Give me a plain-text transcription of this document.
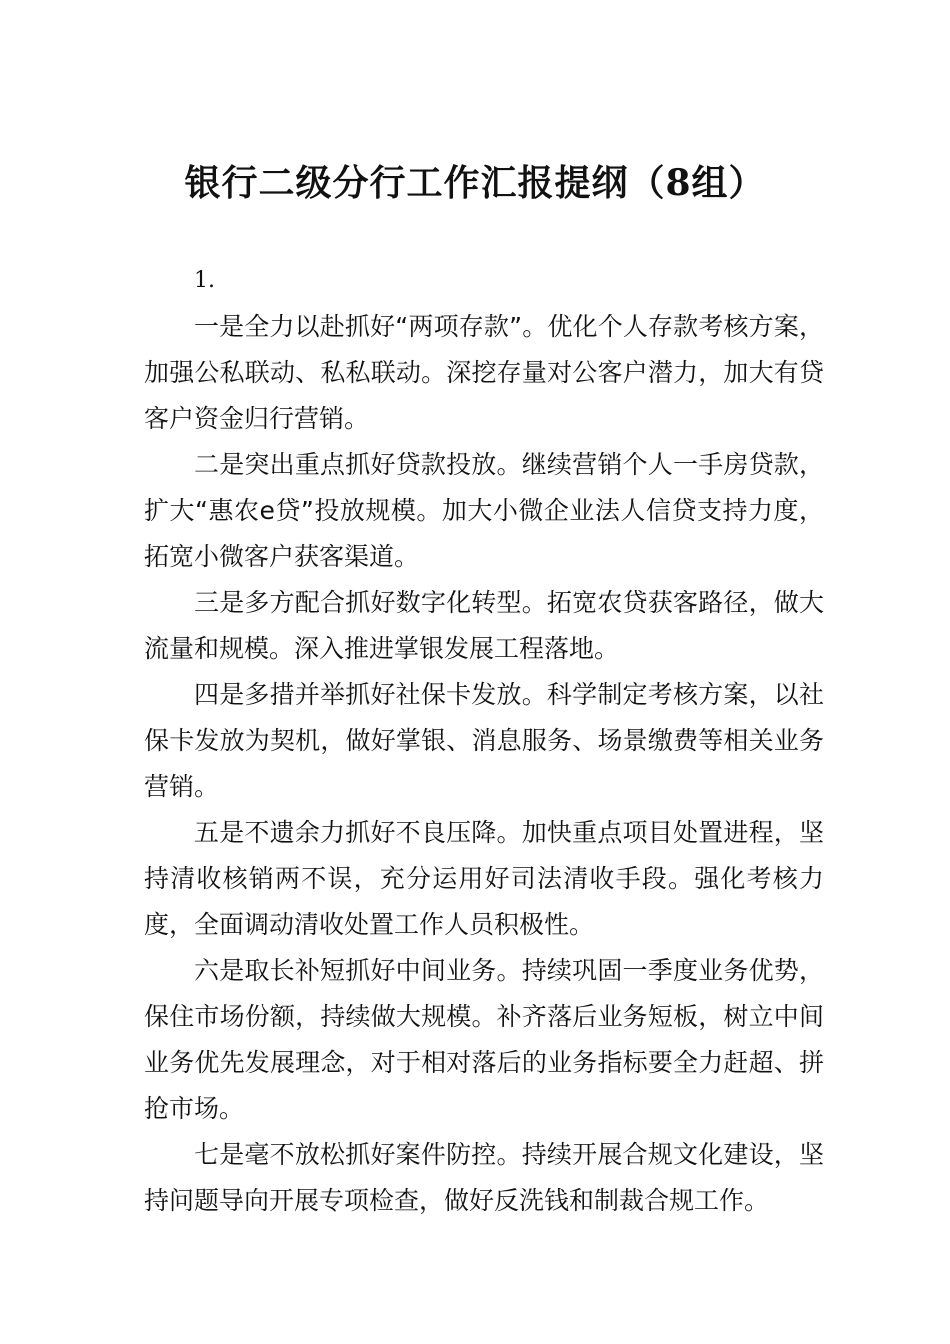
银行二级分行工作汇报提纲（8组）

1.

一是全力以赴抓好“两项存款”。优化个人存款考核方案，加强公私联动、私私联动。深挖存量对公客户潜力，加大有贷客户资金归行营销。

二是突出重点抓好贷款投放。继续营销个人一手房贷款，扩大“惠农e贷”投放规模。加大小微企业法人信贷支持力度，拓宽小微客户获客渠道。

三是多方配合抓好数字化转型。拓宽农贷获客路径，做大流量和规模。深入推进掌银发展工程落地。

四是多措并举抓好社保卡发放。科学制定考核方案，以社保卡发放为契机，做好掌银、消息服务、场景缴费等相关业务营销。

五是不遗余力抓好不良压降。加快重点项目处置进程，坚持清收核销两不误，充分运用好司法清收手段。强化考核力度，全面调动清收处置工作人员积极性。

六是取长补短抓好中间业务。持续巩固一季度业务优势，保住市场份额，持续做大规模。补齐落后业务短板，树立中间业务优先发展理念，对于相对落后的业务指标要全力赶超、拼抢市场。

七是毫不放松抓好案件防控。持续开展合规文化建设，坚持问题导向开展专项检查，做好反洗钱和制裁合规工作。
